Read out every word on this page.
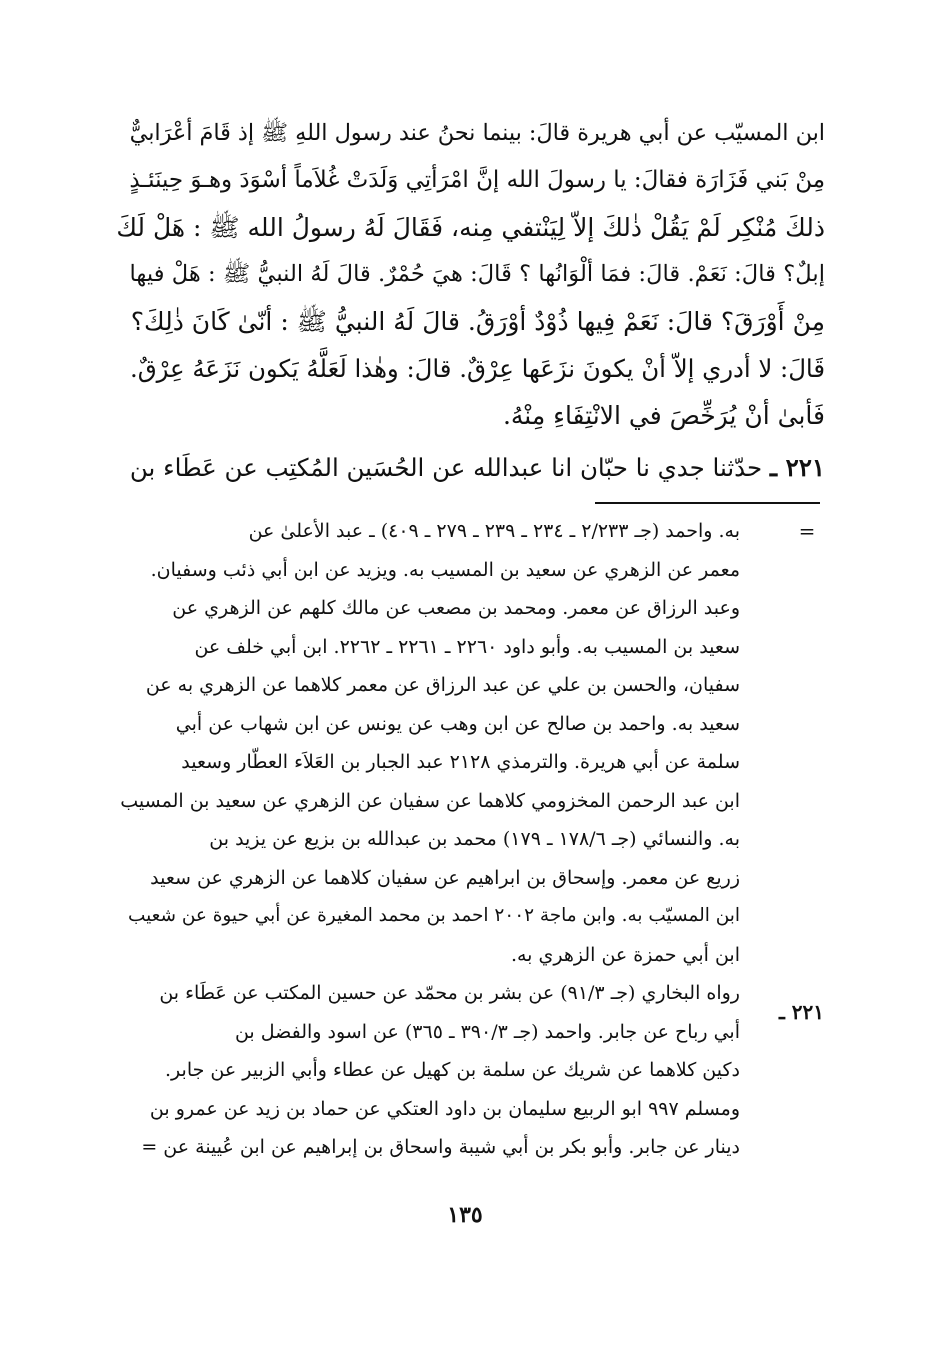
ابن المسيّب عن أبي هريرة قالَ: بينما نحنُ عند رسول اللهِ ﷺ إذ قَامَ أعْرَابيٌّ
مِنْ بَني فَزَارَة فقالَ: يا رسولَ الله إنَّ امْرَأتِي وَلَدَتْ غُلاَماً أسْوَدَ وهـوَ حِينَئـذٍ
ذلكَ مُنْكِر لَمْ يَقُلْ ذٰلكَ إلاّ لِيَنْتفي مِنه، فَقَالَ لَهُ رسولُ الله ﷺ : هَلْ لَكَ
إبلٌ؟ قالَ: نَعَمْ. قالَ: فمَا ألْوَانُها ؟ قَالَ: هيَ حُمْرٌ. قالَ لَهُ النبيُّ ﷺ : هَلْ فيها
مِنْ أَوْرَقَ؟ قالَ: نَعَمْ فِيها ذُوْدٌ أوْرَقُ. قالَ لَهُ النبيُّ ﷺ : أنّىٰ كَانَ ذٰلِكَ؟
قَالَ: لا أدري إلاّ أنْ يكونَ نزَعَها عِرْقٌ. قالَ: وهٰذا لَعَلَّهُ يَكون نَزَعَهُ عِرْقٌ.
فَأبىٰ أنْ يُرَخِّصَ في الانْتِفَاءِ مِنْهُ.
٢٢١ ـ حدّثنا جدي نا حبّان انا عبدالله عن الحُسَين المُكتِب عن عَطَاء بن
=
به. واحمد (جـ ٢/٢٣٣ ـ ٢٣٤ ـ ٢٣٩ ـ ٢٧٩ ـ ٤٠٩) ـ عبد الأعلىٰ عن
معمر عن الزهري عن سعيد بن المسيب به. ويزيد عن ابن أبي ذئب وسفيان.
وعبد الرزاق عن معمر. ومحمد بن مصعب عن مالك كلهم عن الزهري عن
سعيد بن المسيب به. وأبو داود ٢٢٦٠ ـ ٢٢٦١ ـ ٢٢٦٢. ابن أبي خلف عن
سفيان، والحسن بن علي عن عبد الرزاق عن معمر كلاهما عن الزهري به عن
سعيد به. واحمد بن صالح عن ابن وهب عن يونس عن ابن شهاب عن أبي
سلمة عن أبي هريرة. والترمذي ٢١٢٨ عبد الجبار بن العَلاَء العطّار وسعيد
ابن عبد الرحمن المخزومي كلاهما عن سفيان عن الزهري عن سعيد بن المسيب
به. والنسائي (جـ ١٧٨/٦ ـ ١٧٩) محمد بن عبدالله بن بزيع عن يزيد بن
زريع عن معمر. وإسحاق بن ابراهيم عن سفيان كلاهما عن الزهري عن سعيد
ابن المسيّب به. وابن ماجة ٢٠٠٢ احمد بن محمد المغيرة عن أبي حيوة عن شعيب
ابن أبي حمزة عن الزهري به.
رواه البخاري (جـ ٩١/٣) عن بشر بن محمّد عن حسين المكتب عن عَطَاء بن
أبي رباح عن جابر. واحمد (جـ ٣٩٠/٣ ـ ٣٦٥) عن اسود والفضل بن
دكين كلاهما عن شريك عن سلمة بن كهيل عن عطاء وأبي الزبير عن جابر.
ومسلم ٩٩٧ ابو الربيع سليمان بن داود العتكي عن حماد بن زيد عن عمرو بن
دينار عن جابر. وأبو بكر بن أبي شيبة واسحاق بن إبراهيم عن ابن عُيينة عن =
٢٢١ ـ
١٣٥
